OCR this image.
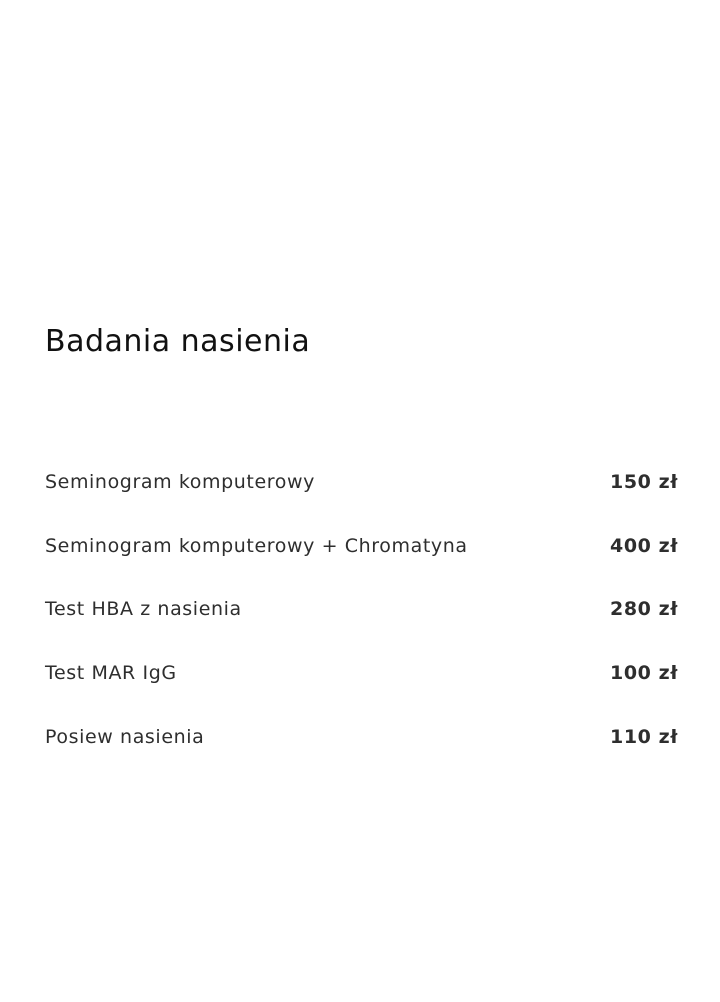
Badania nasienia
Seminogram komputerowy	150 zł
Seminogram komputerowy + Chromatyna	400 zł
Test HBA z nasienia	280 zł
Test MAR IgG	100 zł
Posiew nasienia	110 zł
